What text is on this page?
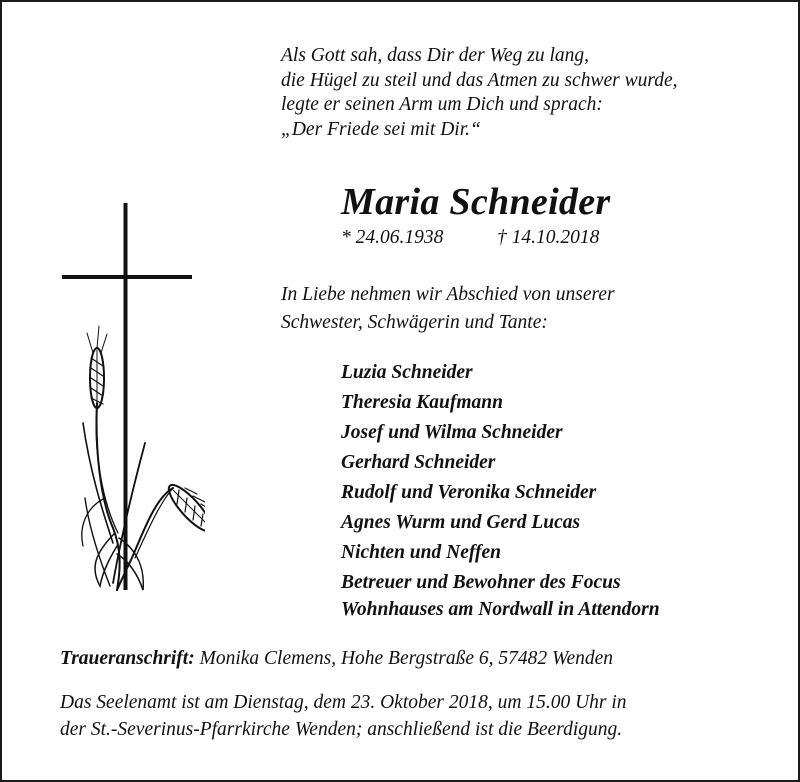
Als Gott sah, dass Dir der Weg zu lang,
die Hügel zu steil und das Atmen zu schwer wurde,
legte er seinen Arm um Dich und sprach:
„Der Friede sei mit Dir.“
Maria Schneider
* 24.06.1938	† 14.10.2018
In Liebe nehmen wir Abschied von unserer
Schwester, Schwägerin und Tante:
Luzia Schneider
Theresia Kaufmann
Josef und Wilma Schneider
Gerhard Schneider
Rudolf und Veronika Schneider
Agnes Wurm und Gerd Lucas
Nichten und Neffen
Betreuer und Bewohner des Focus
Wohnhauses am Nordwall in Attendorn
Traueranschrift: Monika Clemens, Hohe Bergstraße 6, 57482 Wenden
Das Seelenamt ist am Dienstag, dem 23. Oktober 2018, um 15.00 Uhr in
der St.-Severinus-Pfarrkirche Wenden; anschließend ist die Beerdigung.
